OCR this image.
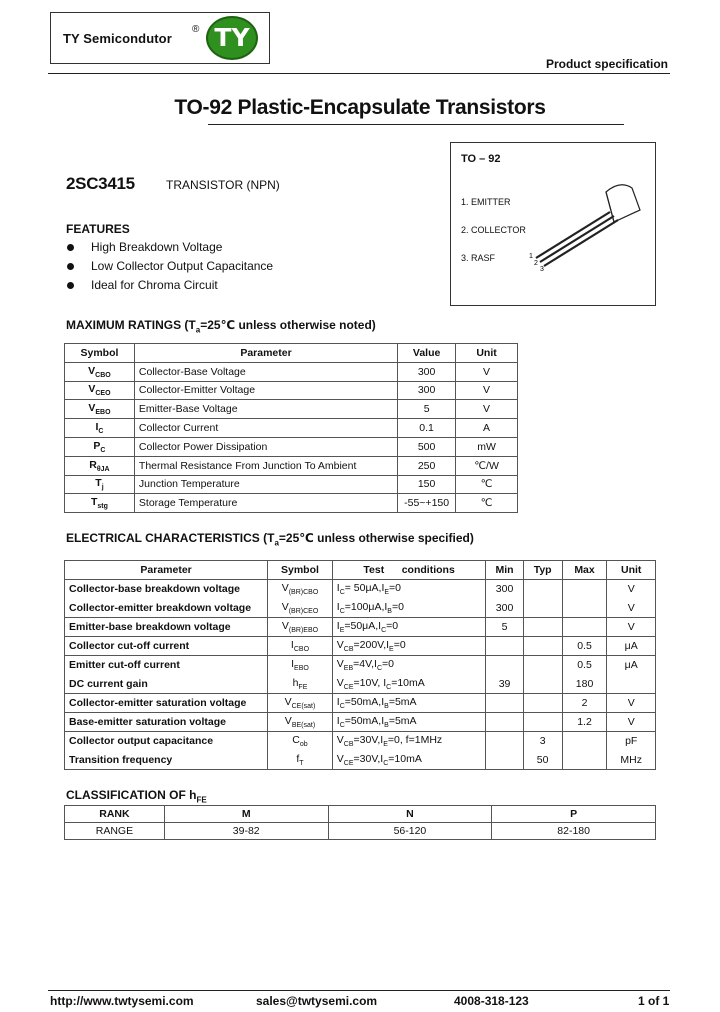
TY Semicondutor
® TY
Product specification
TO-92 Plastic-Encapsulate Transistors
2SC3415	TRANSISTOR (NPN)
TO – 92
1. EMITTER
2. COLLECTOR
3. RASF	1
2
3
FEATURES
High Breakdown Voltage
Low Collector Output Capacitance
Ideal for Chroma Circuit
MAXIMUM RATINGS ($T_a=25℃$ unless otherwise noted)
Symbol	Parameter	Value	Unit
$V_{CBO}$	Collector-Base Voltage	300	V
$V_{CEO}$	Collector-Emitter Voltage	300	V
$V_{EBO}$	Emitter-Base Voltage	5	V
$I_C$	Collector Current	0.1	A
$P_C$	Collector Power Dissipation	500	mW
$R_{\theta JA}$	Thermal Resistance From Junction To Ambient	250	℃/W
$T_j$	Junction Temperature	150	℃
$T_{stg}$	Storage Temperature	-55~+150	℃
ELECTRICAL CHARACTERISTICS ($T_a=25℃$ unless otherwise specified)
Parameter	Symbol	Test      conditions	Min	Typ	Max	Unit
Collector-base breakdown voltage	$V_{(BR)CBO}$	$I_C= 50\mu A,I_E=0$	300			V
Collector-emitter breakdown voltage	$V_{(BR)CEO}$	$I_C=100\mu A,I_B=0$	300			V
Emitter-base breakdown voltage	$V_{(BR)EBO}$	$I_E=50\mu A,I_C=0$	5			V
Collector cut-off current	$I_{CBO}$	$V_{CB}=200V,I_E=0$			0.5	μA
Emitter cut-off current	$I_{EBO}$	$V_{EB}=4V,I_C=0$			0.5	μA
DC current gain	$h_{FE}$	$V_{CE}=10V$, $I_C=10mA$	39		180	
Collector-emitter saturation voltage	$V_{CE(sat)}$	$I_C=50mA,I_B=5mA$			2	V
Base-emitter saturation voltage	$V_{BE(sat)}$	$I_C=50mA,I_B=5mA$			1.2	V
Collector output capacitance	$C_{ob}$	$V_{CB}=30V,I_E=0$, f=1MHz		3		pF
Transition frequency	$f_T$	$V_{CE}=30V,I_C=10mA$		50		MHz
CLASSIFICATION OF $h_{FE}$
RANK	M	N	P
RANGE	39-82	56-120	82-180
http://www.twtysemi.com	sales@twtysemi.com	4008-318-123	1 of 1
